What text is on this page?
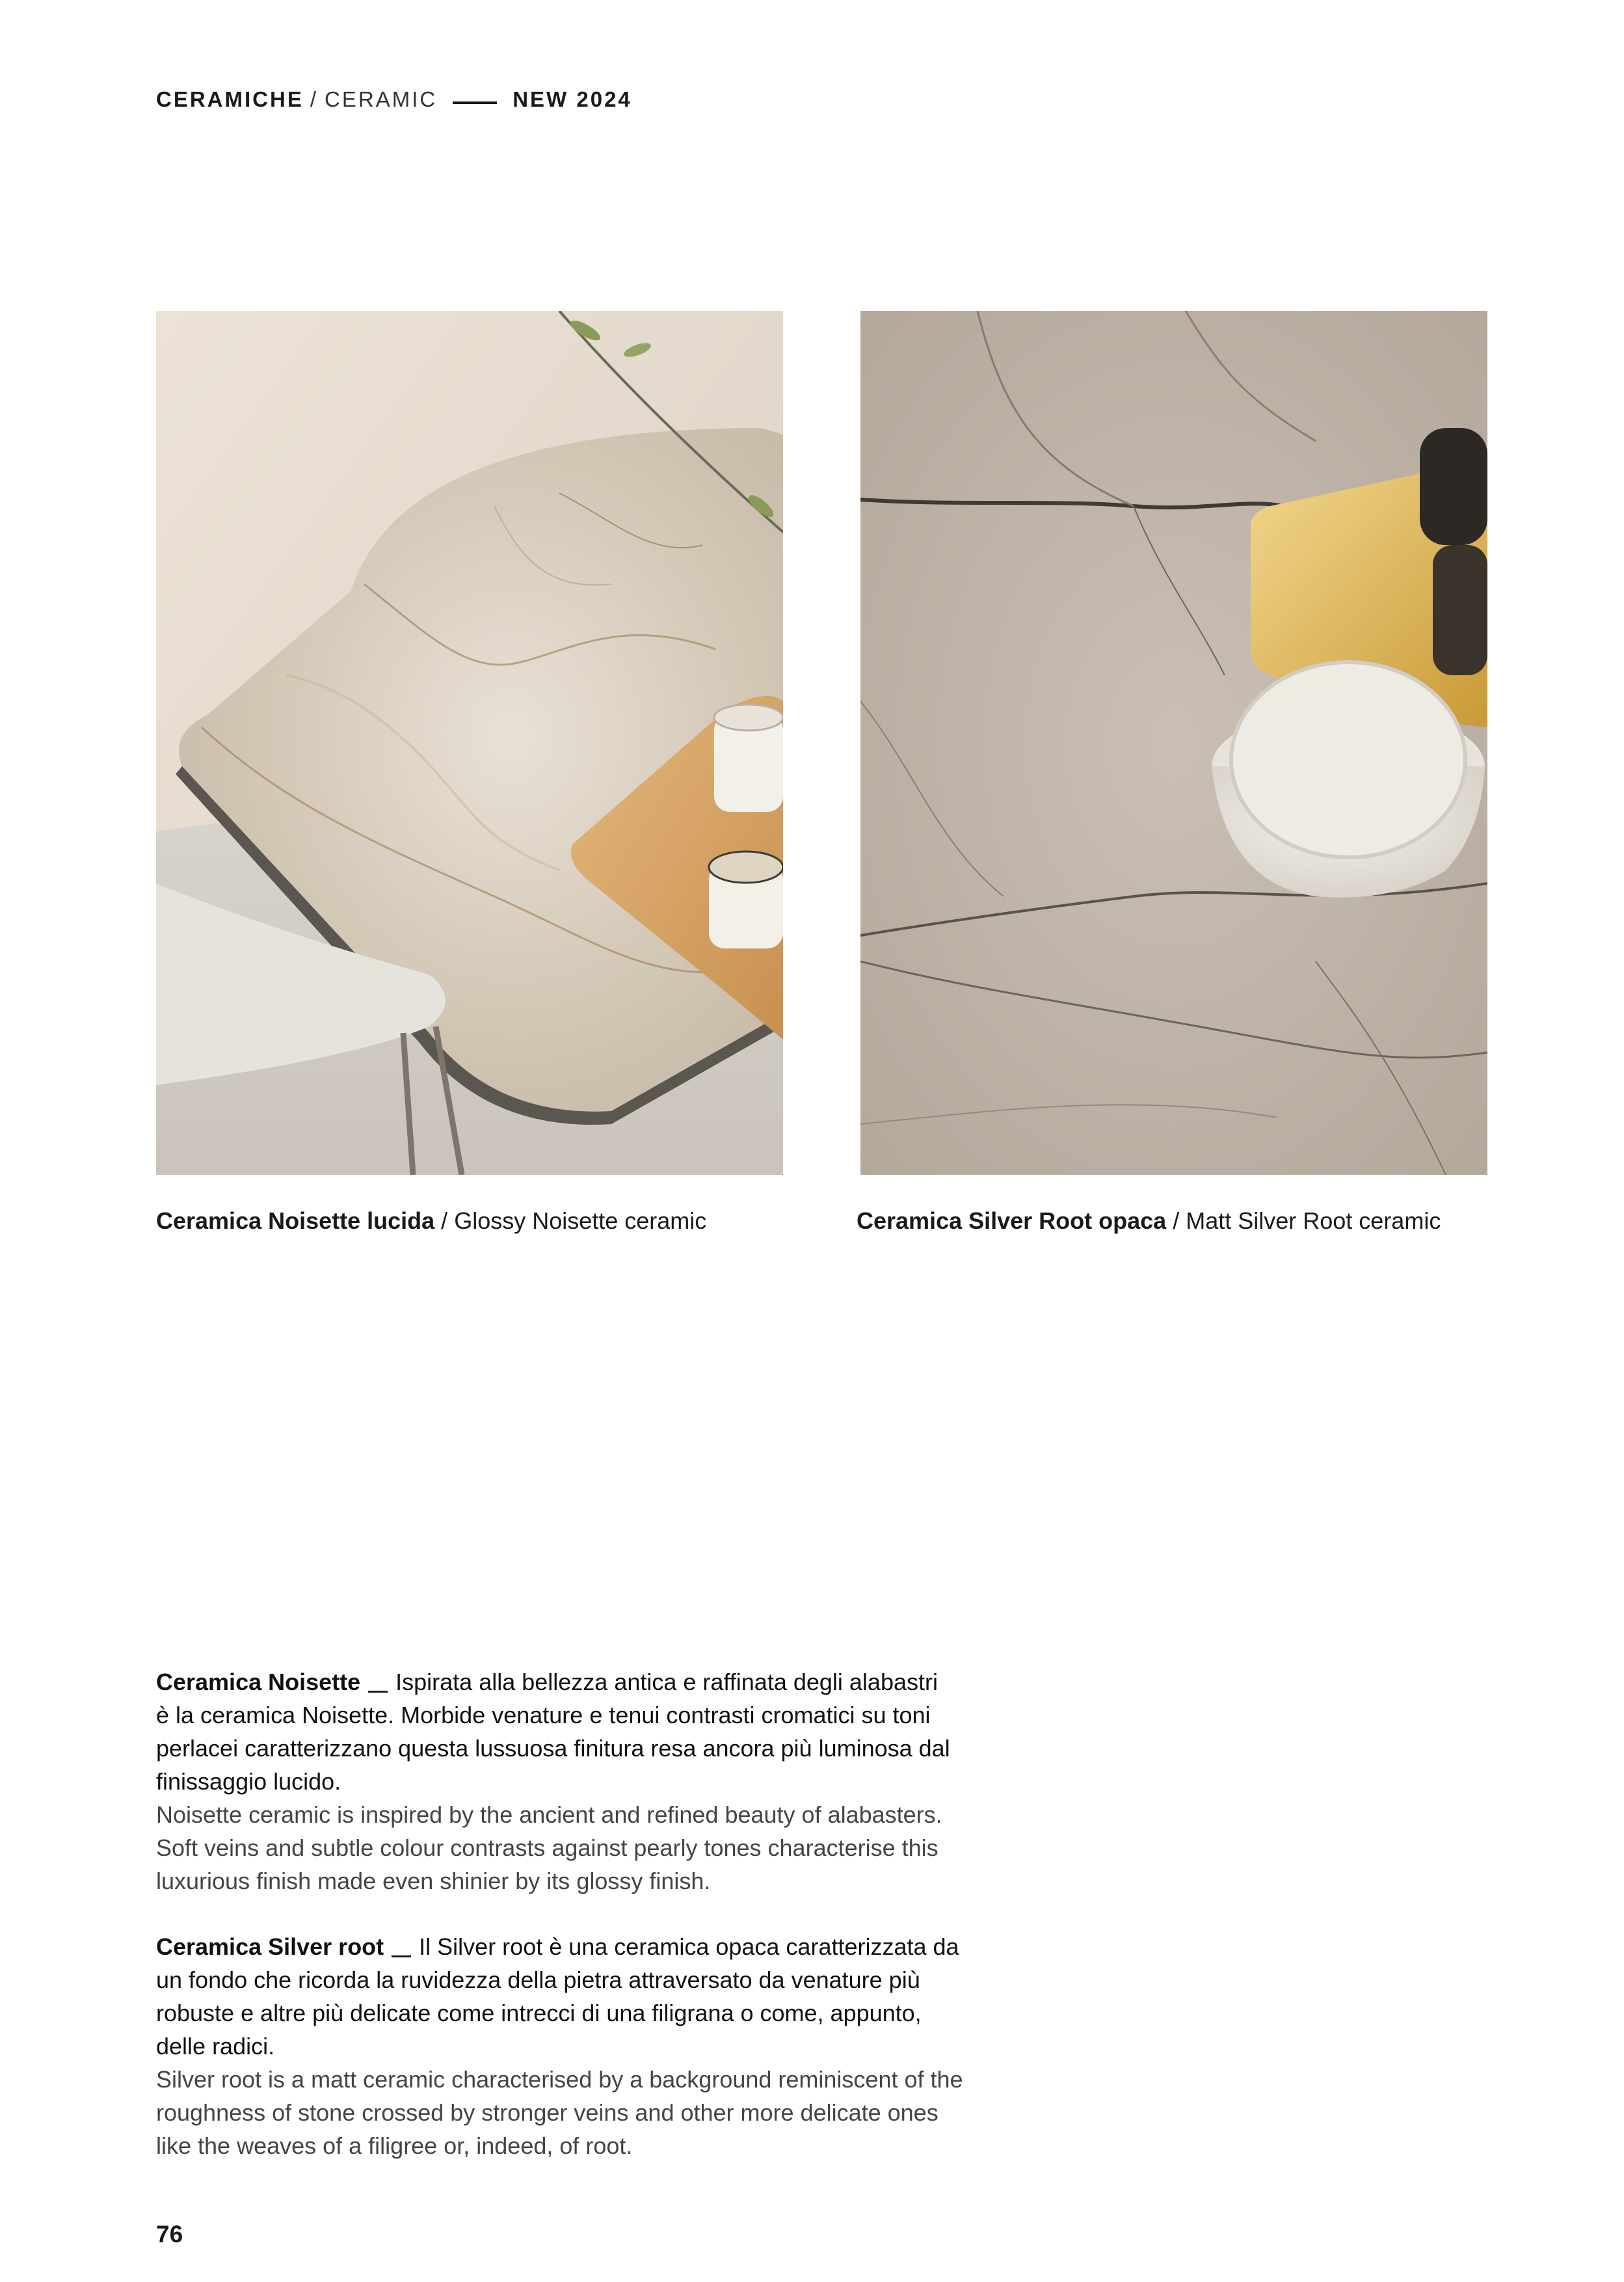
CERAMICHE / CERAMIC	NEW 2024
Ceramica Noisette lucida / Glossy Noisette ceramic	Ceramica Silver Root opaca / Matt Silver Root ceramic
Ceramica Noisette Ispirata alla bellezza antica e raffinata degli alabastri
è la ceramica Noisette. Morbide venature e tenui contrasti cromatici su toni
perlacei caratterizzano questa lussuosa finitura resa ancora più luminosa dal
finissaggio lucido.
Noisette ceramic is inspired by the ancient and refined beauty of alabasters.
Soft veins and subtle colour contrasts against pearly tones characterise this
luxurious finish made even shinier by its glossy finish.
Ceramica Silver root Il Silver root è una ceramica opaca caratterizzata da
un fondo che ricorda la ruvidezza della pietra attraversato da venature più
robuste e altre più delicate come intrecci di una filigrana o come, appunto,
delle radici.
Silver root is a matt ceramic characterised by a background reminiscent of the
roughness of stone crossed by stronger veins and other more delicate ones
like the weaves of a filigree or, indeed, of root.
76
